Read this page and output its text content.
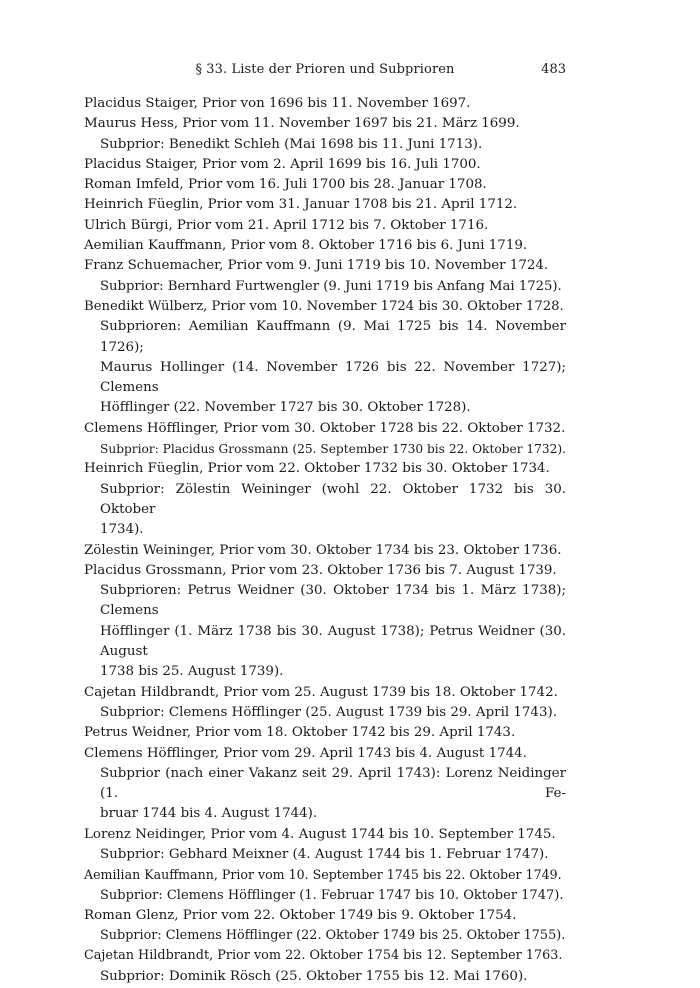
§ 33. Liste der Prioren und Subprioren	483
Placidus Staiger, Prior von 1696 bis 11. November 1697.
Maurus Hess, Prior vom 11. November 1697 bis 21. März 1699.
Subprior: Benedikt Schleh (Mai 1698 bis 11. Juni 1713).
Placidus Staiger, Prior vom 2. April 1699 bis 16. Juli 1700.
Roman Imfeld, Prior vom 16. Juli 1700 bis 28. Januar 1708.
Heinrich Füeglin, Prior vom 31. Januar 1708 bis 21. April 1712.
Ulrich Bürgi, Prior vom 21. April 1712 bis 7. Oktober 1716.
Aemilian Kauffmann, Prior vom 8. Oktober 1716 bis 6. Juni 1719.
Franz Schuemacher, Prior vom 9. Juni 1719 bis 10. November 1724.
Subprior: Bernhard Furtwengler (9. Juni 1719 bis Anfang Mai 1725).
Benedikt Wülberz, Prior vom 10. November 1724 bis 30. Oktober 1728.
Subprioren: Aemilian Kauffmann (9. Mai 1725 bis 14. November 1726);
Maurus Hollinger (14. November 1726 bis 22. November 1727); Clemens
Höfflinger (22. November 1727 bis 30. Oktober 1728).
Clemens Höfflinger, Prior vom 30. Oktober 1728 bis 22. Oktober 1732.
Subprior: Placidus Grossmann (25. September 1730 bis 22. Oktober 1732).
Heinrich Füeglin, Prior vom 22. Oktober 1732 bis 30. Oktober 1734.
Subprior: Zölestin Weininger (wohl 22. Oktober 1732 bis 30. Oktober
1734).
Zölestin Weininger, Prior vom 30. Oktober 1734 bis 23. Oktober 1736.
Placidus Grossmann, Prior vom 23. Oktober 1736 bis 7. August 1739.
Subprioren: Petrus Weidner (30. Oktober 1734 bis 1. März 1738); Clemens
Höfflinger (1. März 1738 bis 30. August 1738); Petrus Weidner (30. August
1738 bis 25. August 1739).
Cajetan Hildbrandt, Prior vom 25. August 1739 bis 18. Oktober 1742.
Subprior: Clemens Höfflinger (25. August 1739 bis 29. April 1743).
Petrus Weidner, Prior vom 18. Oktober 1742 bis 29. April 1743.
Clemens Höfflinger, Prior vom 29. April 1743 bis 4. August 1744.
Subprior (nach einer Vakanz seit 29. April 1743): Lorenz Neidinger (1. Fe-
bruar 1744 bis 4. August 1744).
Lorenz Neidinger, Prior vom 4. August 1744 bis 10. September 1745.
Subprior: Gebhard Meixner (4. August 1744 bis 1. Februar 1747).
Aemilian Kauffmann, Prior vom 10. September 1745 bis 22. Oktober 1749.
Subprior: Clemens Höfflinger (1. Februar 1747 bis 10. Oktober 1747).
Roman Glenz, Prior vom 22. Oktober 1749 bis 9. Oktober 1754.
Subprior: Clemens Höfflinger (22. Oktober 1749 bis 25. Oktober 1755).
Cajetan Hildbrandt, Prior vom 22. Oktober 1754 bis 12. September 1763.
Subprior: Dominik Rösch (25. Oktober 1755 bis 12. Mai 1760).
